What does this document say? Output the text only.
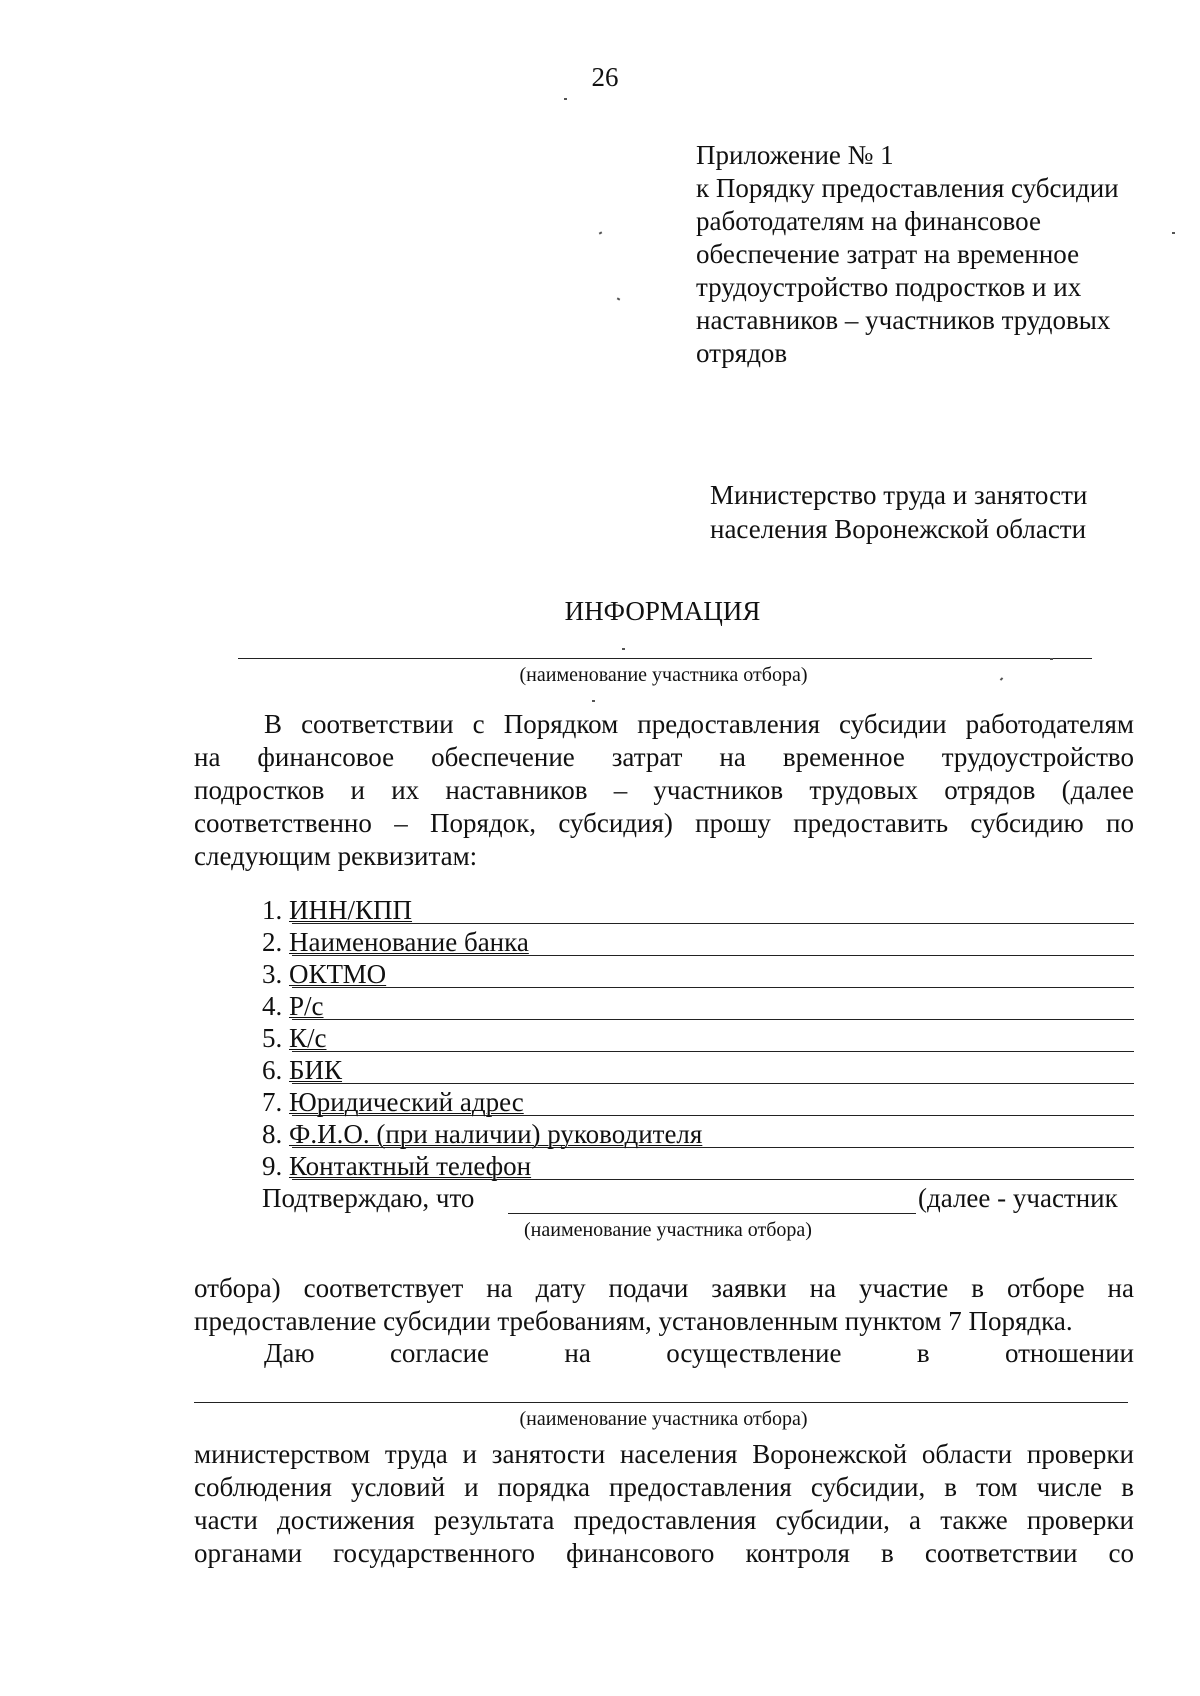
26
Приложение № 1
к Порядку предоставления субсидии
работодателям на финансовое
обеспечение затрат на временное
трудоустройство подростков и их
наставников – участников трудовых
отрядов
Министерство труда и занятости
населения Воронежской области
ИНФОРМАЦИЯ
(наименование участника отбора)
В соответствии с Порядком предоставления субсидии работодателям
на финансовое обеспечение затрат на временное трудоустройство
подростков и их наставников – участников трудовых отрядов (далее
соответственно – Порядок, субсидия) прошу предоставить субсидию по
следующим реквизитам:
1. ИНН/КПП
2. Наименование банка
3. ОКТМО
4. Р/с
5. К/с
6. БИК
7. Юридический адрес
8. Ф.И.О. (при наличии) руководителя
9. Контактный телефон
Подтверждаю, что	(далее - участник
(наименование участника отбора)
отбора) соответствует на дату подачи заявки на участие в отборе на
предоставление субсидии требованиям, установленным пунктом 7 Порядка.
Даю	согласие	на	осуществление	в	отношении
(наименование участника отбора)
министерством труда и занятости населения Воронежской области проверки
соблюдения условий и порядка предоставления субсидии, в том числе в
части достижения результата предоставления субсидии, а также проверки
органами государственного финансового контроля в соответствии со
